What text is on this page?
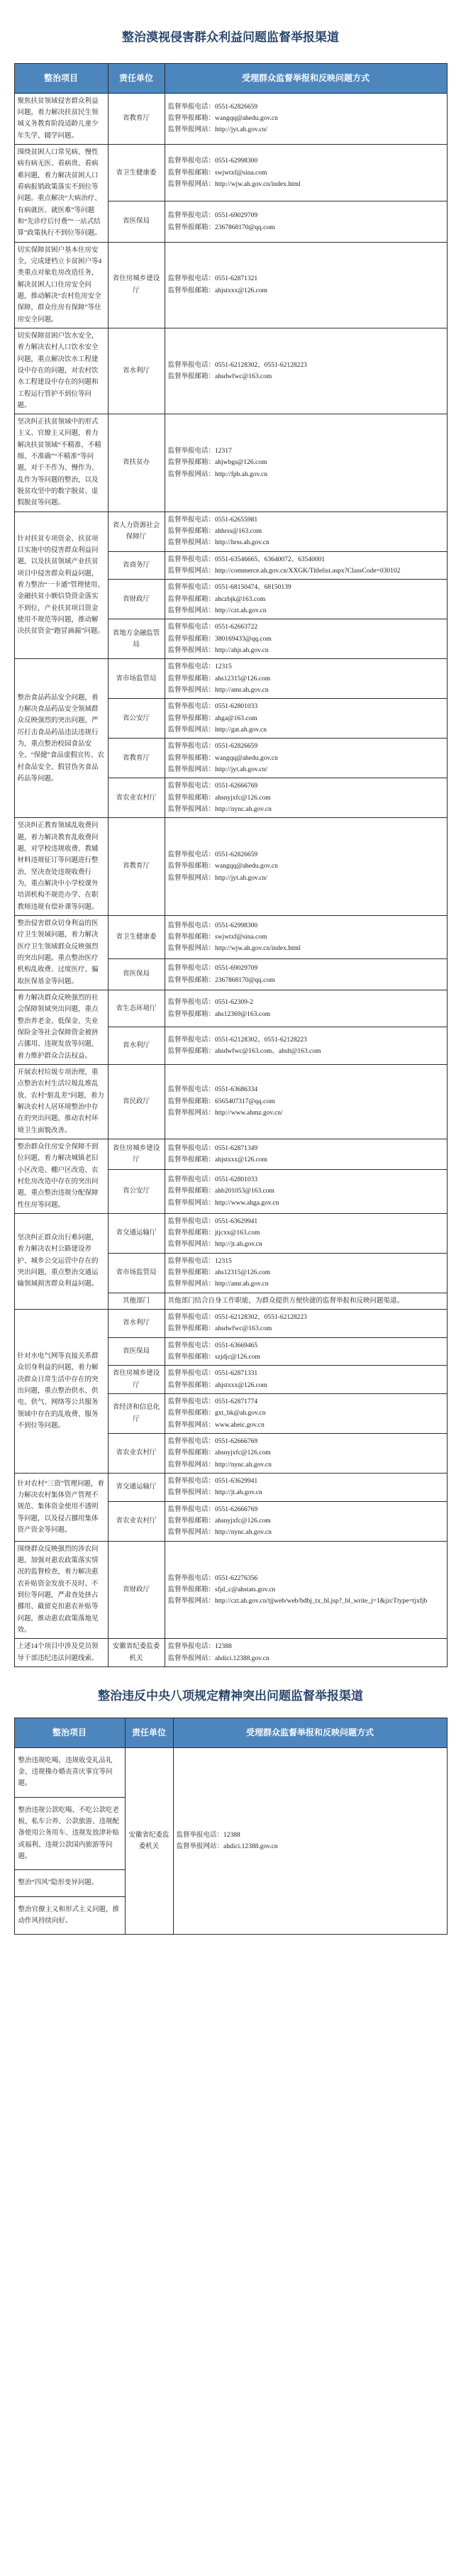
整治漠视侵害群众利益问题监督举报渠道
整治项目	责任单位	受理群众监督举报和反映问题方式
聚焦扶贫领域侵害群众利益问题，着力解决扶贫民生领域义务教育阶段适龄儿童少年失学、辍学问题。	省教育厅	监督举报电话：0551-62826659
监督举报邮箱：wangqq@ahedu.gov.cn
监督举报网站：http://jyt.ah.gov.cn/

围绕贫困人口常见病、慢性病有病无医、看病贵、看病难问题，着力解决贫困人口看病报销政策落实不到位等问题。重点解决“大病治疗、有病就医、就医难”等问题和“先诊疗后付费”“一站式结算”政策执行不到位等问题。	省卫生健康委	监督举报电话：0551-62998300
监督举报邮箱：swjwtxf@sina.com
监督举报网站：http://wjw.ah.gov.cn/index.html

	省医保局	监督举报电话：0551-69029709
监督举报邮箱：2367868170@qq.com

切实保障贫困户基本住房安全，完成建档立卡贫困户等4类重点对象危房改造任务，解决贫困人口住房安全问题，推动解决“农村危房安全保障，群众住房有保障”等住房安全问题。	省住房城乡建设厅	监督举报电话：0551-62871321
监督举报邮箱：ahjstxxx@126.com

切实保障贫困户饮水安全，着力解决农村人口饮水安全问题，重点解决饮水工程建设中存在的问题，对农村饮水工程建设中存在的问题和工程运行管护不到位等问题。	省水利厅	监督举报电话：0551-62128302、0551-62128223
监督举报邮箱：ahsdwfwc@163.com

坚决纠正扶贫领域中的形式主义、官僚主义问题，着力解决扶贫领域“不精准、不精细、不准确”“不精准”等问题，对于不作为、慢作为、乱作为等问题的整治，以及脱贫攻坚中的数字脱贫、虚假脱贫等问题。	省扶贫办	监督举报电话：12317
监督举报邮箱：ahjwbgs@126.com
监督举报网站：http://fpb.ah.gov.cn

针对扶贫专项资金、扶贫项目实施中的侵害群众利益问题，以及扶贫领域产业扶贫项目中侵害群众利益问题，着力整治“一卡通”管理使用、金融扶贫小额信贷资金落实不到位，产业扶贫项目资金使用不规范等问题，推动解决扶贫资金“跑冒滴漏”问题。	省人力资源社会保障厅	监督举报电话：0551-62655981
监督举报邮箱：ahhrss@163.com
监督举报网站：http://hrss.ah.gov.cn

	省商务厅	监督举报电话：0551-63546665、63640072、63540001
监督举报网站：http://commerce.ah.gov.cn/XXGK/Titlelist.aspx?ClassCode=030102

	省财政厅	监督举报电话：0551-68150474、68150139
监督举报邮箱：ahczbjk@163.com
监督举报网站：http://czt.ah.gov.cn

	省地方金融监管局	监督举报电话：0551-62663722
监督举报邮箱：380169433@qq.com
监督举报网站：http://ahjr.ah.gov.cn

整治食品药品安全问题，着力解决食品药品安全领域群众反映强烈的突出问题，严厉打击食品药品违法违规行为，重点整治校园食品安全、“保健”食品虚假宣传、农村食品安全、假冒伪劣食品药品等问题。	省市场监管局	监督举报电话：12315
监督举报邮箱：ahs12315@126.com
监督举报网站：http://amr.ah.gov.cn

	省公安厅	监督举报电话：0551-62801033
监督举报邮箱：ahga@163.com
监督举报网站：http://gat.ah.gov.cn

	省教育厅	监督举报电话：0551-62826659
监督举报邮箱：wangqq@ahedu.gov.cn
监督举报网站：http://jyt.ah.gov.cn/

	省农业农村厅	监督举报电话：0551-62666769
监督举报邮箱：ahsnyjxfc@126.com
监督举报网站：http://nync.ah.gov.cn

坚决纠正教育领域乱收费问题，着力解决教育乱收费问题，对学校违规收费、教辅材料违规征订等问题进行整治，坚决查处违规收费行为，重点解决中小学校课外培训机构不规范办学、在职教师违规有偿补课等问题。	省教育厅	监督举报电话：0551-62826659
监督举报邮箱：wangqq@ahedu.gov.cn
监督举报网站：http://jyt.ah.gov.cn/

整治侵害群众切身利益的医疗卫生领域问题，着力解决医疗卫生领域群众反映强烈的突出问题。重点整治医疗机构乱收费、过度医疗、骗取医保基金等问题。	省卫生健康委	监督举报电话：0551-62998300
监督举报邮箱：swjwtxf@sina.com
监督举报网站：http://wjw.ah.gov.cn/index.html

	省医保局	监督举报电话：0551-69029709
监督举报邮箱：2367868170@qq.com

着力解决群众反映强烈的社会保障领域突出问题，重点整治养老金、低保金、失业保险金等社会保障资金被挤占挪用、违规发放等问题，着力维护群众合法权益。	省生态环境厅	监督举报电话：0551-62309-2
监督举报邮箱：ahs12369@163.com

	省水利厅	监督举报电话：0551-62128302、0551-62128223
监督举报邮箱：ahsdwfwc@163.com、ahslt@163.com

开展农村垃圾专项治理，重点整治农村生活垃圾乱堆乱放、农村“脏乱差”问题，着力解决农村人居环境整治中存在的突出问题，推动农村环境卫生面貌改善。	省民政厅	监督举报电话：0551-63686334
监督举报邮箱：6565407317@qq.com
监督举报网站：http://www.ahmz.gov.cn/

整治群众住房安全保障不到位问题，着力解决城镇老旧小区改造、棚户区改造、农村危房改造中存在的突出问题，重点整治违规分配保障性住房等问题。	省住房城乡建设厅	监督举报电话：0551-62871349
监督举报邮箱：ahjstxxx@126.com

	省公安厅	监督举报电话：0551-62801033
监督举报邮箱：ahb201053@163.com
监督举报网站：http://www.ahga.gov.cn

坚决纠正群众出行难问题，着力解决农村公路建设养护、城乡公交运营中存在的突出问题，重点整治交通运输领域损害群众利益问题。	省交通运输厅	监督举报电话：0551-63629941
监督举报邮箱：jtjcxx@163.com
监督举报网站：http://jt.ah.gov.cn

	省市场监管局	监督举报电话：12315
监督举报邮箱：ahs12315@126.com
监督举报网站：http://amr.ah.gov.cn

	其他部门	其他部门结合自身工作职能，为群众提供方便快捷的监督举报和反映问题渠道。

针对水电气网等直接关系群众切身利益的问题，着力解决群众日常生活中存在的突出问题，重点整治供水、供电、供气、网络等公共服务领域中存在的乱收费、服务不到位等问题。	省水利厅	监督举报电话：0551-62128302、0551-62128223
监督举报邮箱：ahsdwfwc@163.com

	省医保局	监督举报电话：0551-63669465
监督举报邮箱：szjdjc@126.com

	省住房城乡建设厅	监督举报电话：0551-62871331
监督举报邮箱：ahjstxxx@126.com

	省经济和信息化厅	监督举报电话：0551-62871774
监督举报邮箱：gxt_bk@ah.gov.cn
监督举报网站：www.aheic.gov.cn

	省农业农村厅	监督举报电话：0551-62666769
监督举报邮箱：ahsnyjxfc@126.com
监督举报网站：http://nync.ah.gov.cn

针对农村“三资”管理问题，着力解决农村集体资产管理不规范、集体资金使用不透明等问题，以及侵占挪用集体资产资金等问题。	省交通运输厅	监督举报电话：0551-63629941
监督举报网站：http://jt.ah.gov.cn

	省农业农村厅	监督举报电话：0551-62666769
监督举报邮箱：ahsnyjxfc@126.com
监督举报网站：http://nync.ah.gov.cn

围绕群众反映强烈的涉农问题，加强对惠农政策落实情况的监督检查，着力解决惠农补贴资金发放不及时、不到位等问题，严肃查处挤占挪用、截留克扣惠农补贴等问题，推动惠农政策落地见效。	省财政厅	监督举报电话：0551-62276356
监督举报邮箱：sfjd_c@ahstats.gov.cn
监督举报网站：http://czt.ah.gov.cn/tjjweb/web/bdbj_tx_bl.jsp?_bl_write_j=1&jzcTtype=tjxfjb

上述14个项目中涉及党员领导干部违纪违法问题线索。	安徽省纪委监委机关	监督举报电话：12388
监督举报网站：ahdici.12388.gov.cn
整治违反中央八项规定精神突出问题监督举报渠道
整治项目	责任单位	受理群众监督举报和反映问题方式
整治违规吃喝，违规收受礼品礼金、违规操办婚丧喜庆事宜等问题。	安徽省纪委监委机关	监督举报电话：12388
监督举报网站：ahdici.12388.gov.cn

整治违规公款吃喝、不吃公款吃老板、私车公养、公款旅游、违规配备使用公务用车、违规发放津补贴或福利、违规公款国内旅游等问题。		
整治“四风”隐形变异问题。		
整治官僚主义和形式主义问题，推动作风持续向好。		
